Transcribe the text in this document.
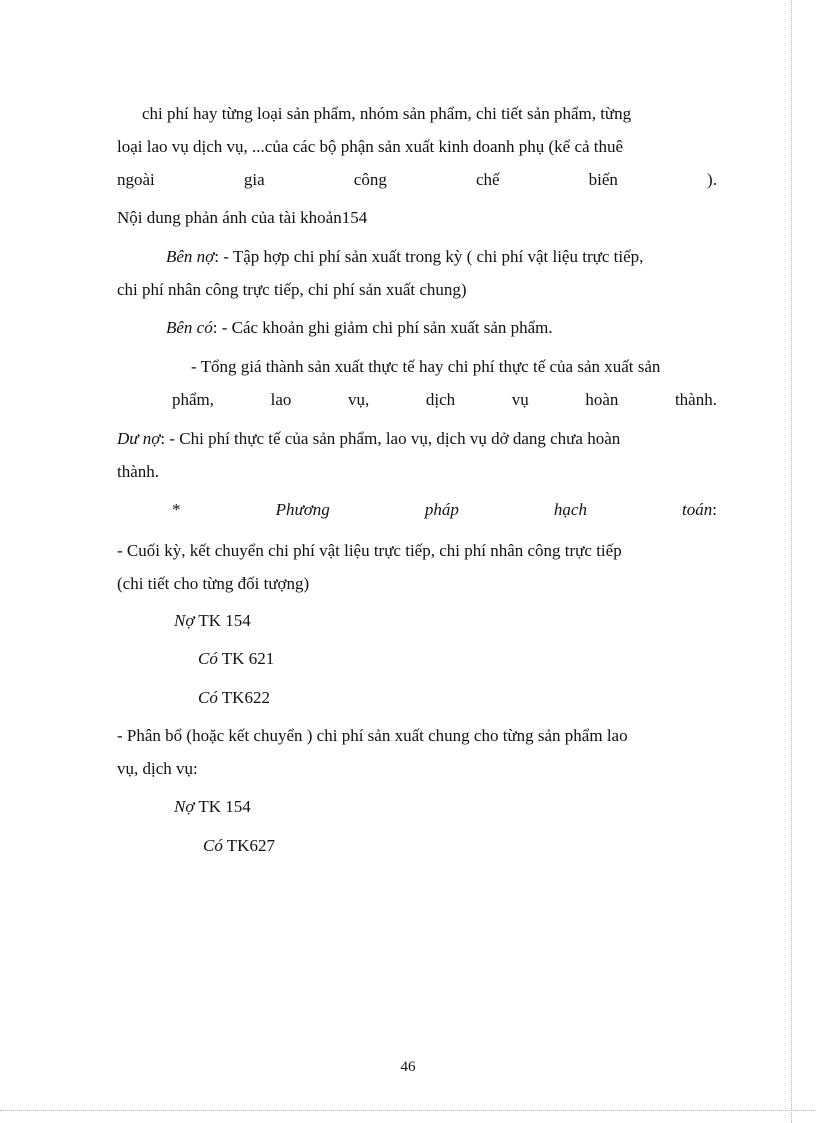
chi phí hay từng loại sản phẩm, nhóm sản phẩm, chi tiết sản phẩm, từng
loại lao vụ dịch vụ, ...của các bộ phận sản xuất kinh doanh phụ (kể cả thuê
ngoài	gia	công	chế	biến	).
Nội dung phản ánh của tài khoản154
Bên nợ: - Tập hợp chi phí sản xuất trong kỳ ( chi phí vật liệu trực tiếp,
chi phí nhân công trực tiếp, chi phí sản xuất chung)
Bên có: - Các khoản ghi giảm chi phí sản xuất sản phẩm.
- Tổng giá thành sản xuất thực tế hay chi phí thực tế của sản xuất sản
phẩm,	lao	vụ,	dịch	vụ	hoàn	thành.
Dư nợ: - Chi phí thực tế của sản phẩm, lao vụ, dịch vụ dở dang chưa hoàn
thành.
*	Phương	pháp	hạch	toán:
- Cuối kỳ, kết chuyển chi phí vật liệu trực tiếp, chi phí nhân công trực tiếp
(chi tiết cho từng đối tượng)
Nợ TK 154
Có TK 621
Có TK622
- Phân bổ (hoặc kết chuyển ) chi phí sản xuất chung cho từng sản phẩm lao
vụ, dịch vụ:
Nợ TK 154
Có TK627
46
